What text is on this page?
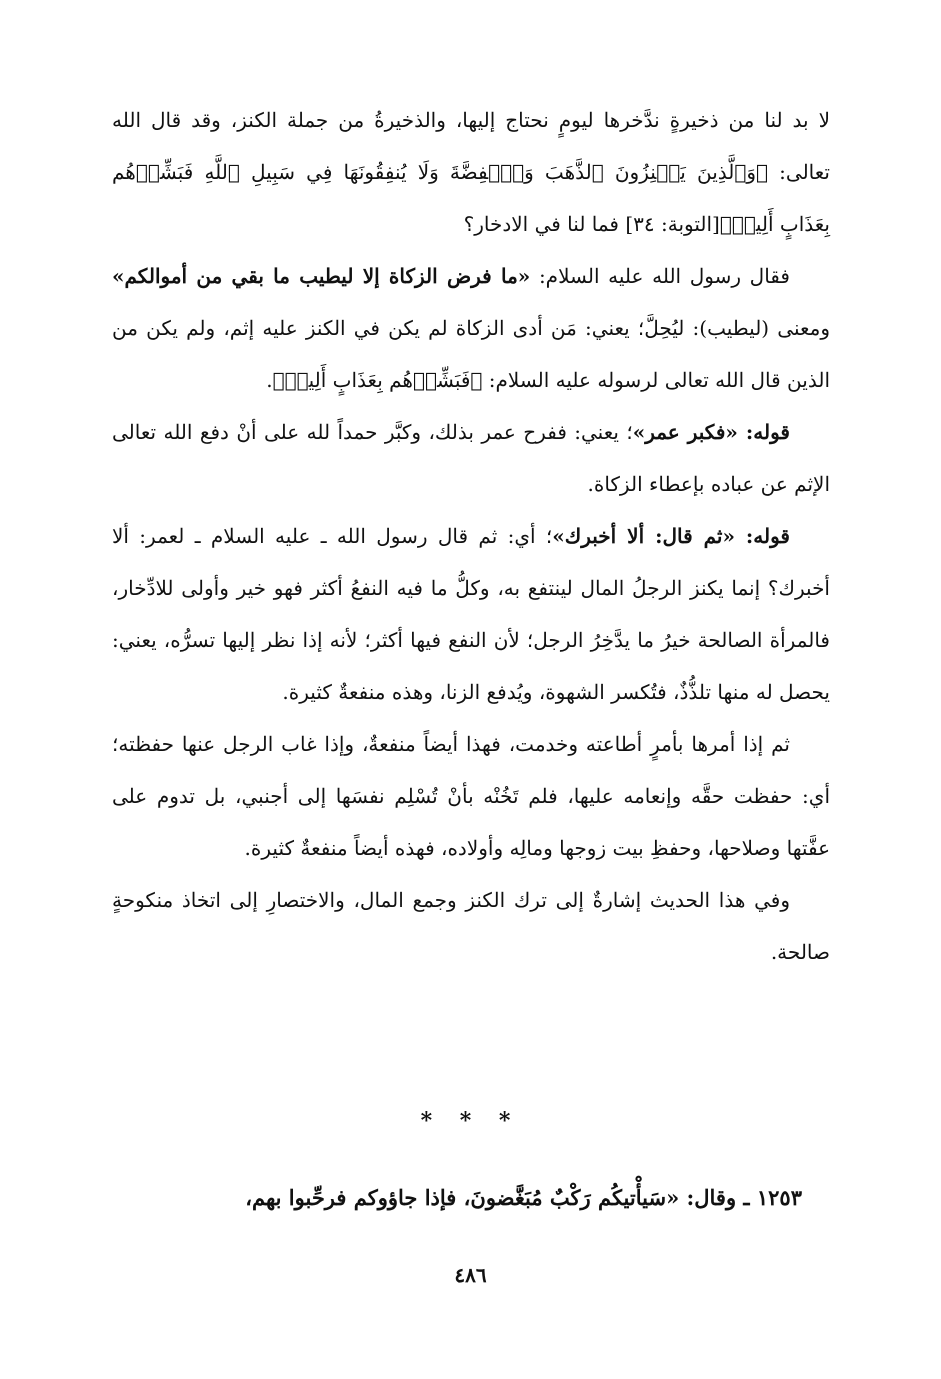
لا بد لنا من ذخيرةٍ ندَّخرها ليومٍ نحتاج إليها، والذخيرةُ من جملة الكنز، وقد قال الله تعالى: ﴿وَٱلَّذِينَ يَكۡنِزُونَ ٱلذَّهَبَ وَٱلۡفِضَّةَ وَلَا يُنفِقُونَهَا فِي سَبِيلِ ٱللَّهِ فَبَشِّرۡهُم بِعَذَابٍ أَلِيمٖ﴾[التوبة: ٣٤] فما لنا في الادخار؟

فقال رسول الله عليه السلام: «ما فرض الزكاة إلا ليطيب ما بقي من أموالكم» ومعنى (ليطيب): ليُحِلَّ؛ يعني: مَن أدى الزكاة لم يكن في الكنز عليه إثم، ولم يكن من الذين قال الله تعالى لرسوله عليه السلام: ﴿فَبَشِّرۡهُم بِعَذَابٍ أَلِيمٖ﴾.

قوله: «فكبر عمر»؛ يعني: ففرح عمر بذلك، وكبَّر حمداً لله على أنْ دفع الله تعالى الإثم عن عباده بإعطاء الزكاة.

قوله: «ثم قال: ألا أخبرك»؛ أي: ثم قال رسول الله ـ عليه السلام ـ لعمر: ألا أخبرك؟ إنما يكنز الرجلُ المال لينتفع به، وكلُّ ما فيه النفعُ أكثر فهو خير وأولى للادِّخار، فالمرأة الصالحة خيرُ ما يدَّخِرُ الرجل؛ لأن النفع فيها أكثر؛ لأنه إذا نظر إليها تسرُّه، يعني: يحصل له منها تلذُّذٌ، فتُكسر الشهوة، ويُدفع الزنا، وهذه منفعةٌ كثيرة.

ثم إذا أمرها بأمرٍ أطاعته وخدمت، فهذا أيضاً منفعةٌ، وإذا غاب الرجل عنها حفظته؛ أي: حفظت حقَّه وإنعامه عليها، فلم تَخُنْه بأنْ تُسْلِم نفسَها إلى أجنبي، بل تدوم على عفَّتها وصلاحها، وحفظِ بيت زوجها ومالِه وأولاده، فهذه أيضاً منفعةٌ كثيرة.

وفي هذا الحديث إشارةٌ إلى ترك الكنز وجمع المال، والاختصارِ إلى اتخاذ منكوحةٍ صالحة.

* * *
١٢٥٣ ـ وقال: «سَيأْتيكُم رَكْبٌ مُبَغَّضونَ، فإذا جاؤوكم فرحِّبوا بهم،
٤٨٦
